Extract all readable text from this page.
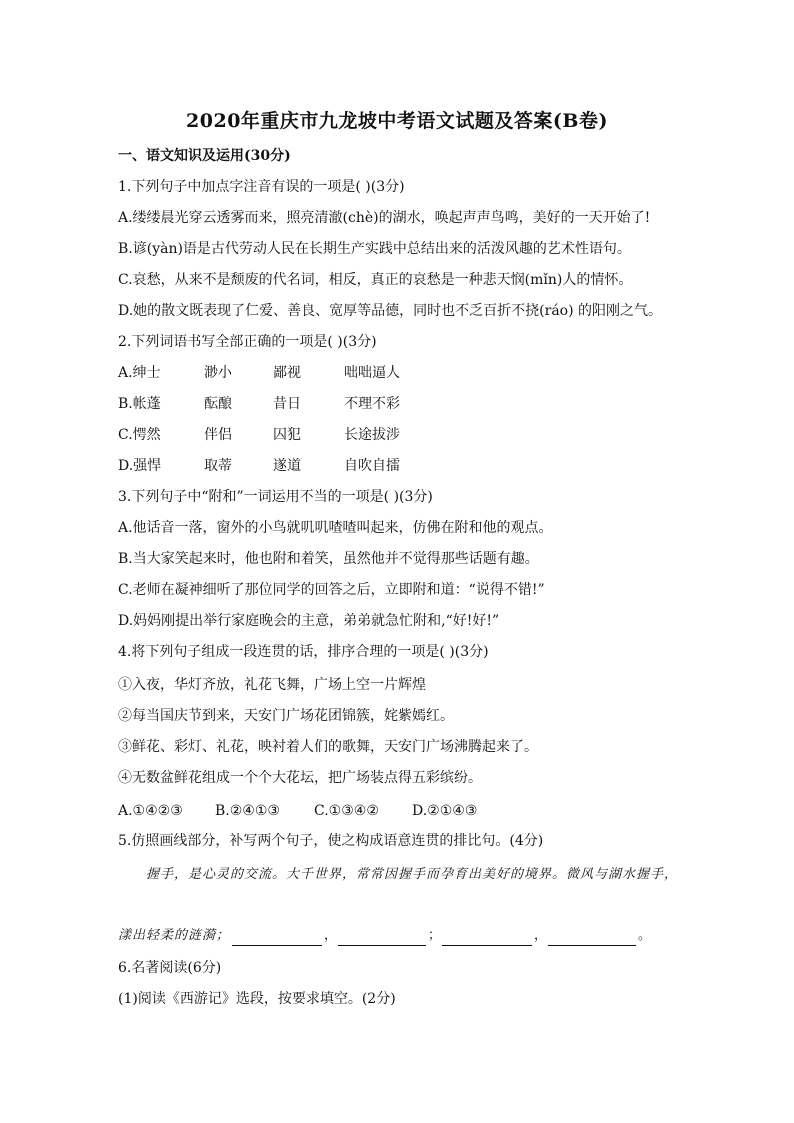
2020年重庆市九龙坡中考语文试题及答案(B卷)
一、语文知识及运用(30分)
1.下列句子中加点字注音有误的一项是( )(3分)
A.缕缕晨光穿云透雾而来，照亮清澈(chè)的湖水，唤起声声鸟鸣，美好的一天开始了!
B.谚(yàn)语是古代劳动人民在长期生产实践中总结出来的活泼风趣的艺术性语句。
C.哀愁，从来不是颓废的代名词，相反，真正的哀愁是一种悲天悯(mǐn)人的情怀。
D.她的散文既表现了仁爱、善良、宽厚等品德，同时也不乏百折不挠(ráo) 的阳刚之气。
2.下列词语书写全部正确的一项是( )(3分)
A.绅士	渺小	鄙视	咄咄逼人
B.帐蓬	酝酿	昔日	不理不彩
C.愕然	伴侣	囚犯	长途拔涉
D.强悍	取蒂	遂道	自吹自擂
3.下列句子中“附和”一词运用不当的一项是( )(3分)
A.他话音一落，窗外的小鸟就叽叽喳喳叫起来，仿佛在附和他的观点。
B.当大家笑起来时，他也附和着笑，虽然他并不觉得那些话题有趣。
C.老师在凝神细听了那位同学的回答之后，立即附和道：“说得不错!”
D.妈妈刚提出举行家庭晚会的主意，弟弟就急忙附和,“好!好!”
4.将下列句子组成一段连贯的话，排序合理的一项是( )(3分)
①入夜，华灯齐放，礼花飞舞，广场上空一片辉煌
②每当国庆节到来，天安门广场花团锦簇，姹紫嫣红。
③鲜花、彩灯、礼花，映衬着人们的歌舞，天安门广场沸腾起来了。
④无数盆鲜花组成一个个大花坛，把广场装点得五彩缤纷。
A.①④②③ B.②④①③ C.①③④② D.②①④③
5.仿照画线部分，补写两个句子，使之构成语意连贯的排比句。(4分)
握手，是心灵的交流。大千世界，常常因握手而孕育出美好的境界。微风与湖水握手，
漾出轻柔的涟漪；	，	；	，	。
6.名著阅读(6分)
(1)阅读《西游记》选段，按要求填空。(2分)
